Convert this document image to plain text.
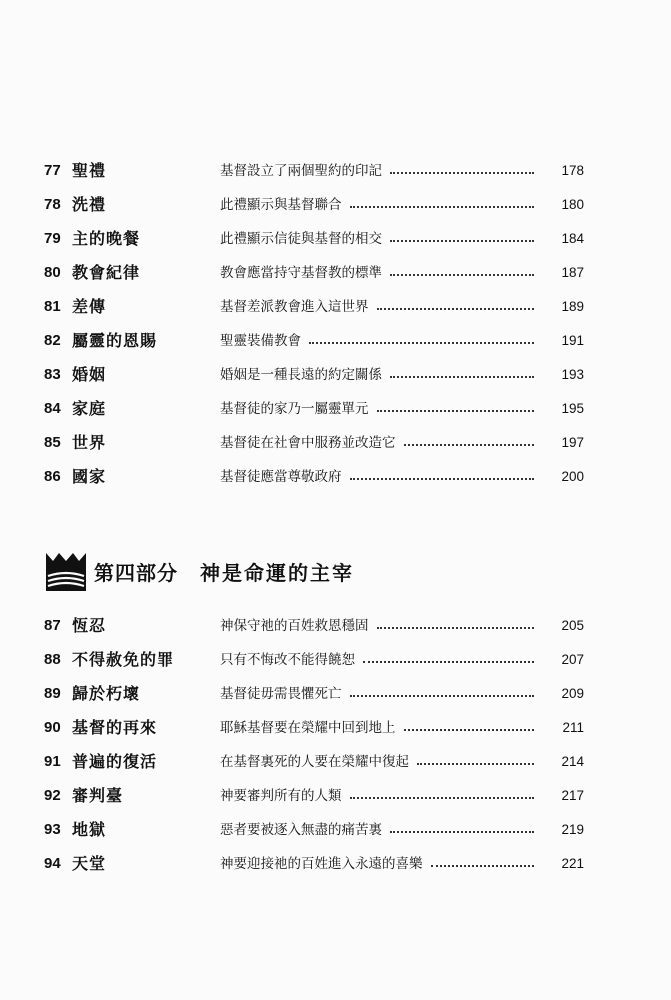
77 聖禮	基督設立了兩個聖約的印記	178
78 洗禮	此禮顯示與基督聯合	180
79 主的晚餐	此禮顯示信徒與基督的相交	184
80 教會紀律	教會應當持守基督教的標準	187
81 差傳	基督差派教會進入這世界	189
82 屬靈的恩賜	聖靈裝備教會	191
83 婚姻	婚姻是一種長遠的約定關係	193
84 家庭	基督徒的家乃一屬靈單元	195
85 世界	基督徒在社會中服務並改造它	197
86 國家	基督徒應當尊敬政府	200
第四部分 神是命運的主宰
87 恆忍	神保守祂的百姓救恩穩固	205
88 不得赦免的罪	只有不悔改不能得饒恕	207
89 歸於朽壞	基督徒毋需畏懼死亡	209
90 基督的再來	耶穌基督要在榮耀中回到地上	211
91 普遍的復活	在基督裏死的人要在榮耀中復起	214
92 審判臺	神要審判所有的人類	217
93 地獄	惡者要被逐入無盡的痛苦裏	219
94 天堂	神要迎接祂的百姓進入永遠的喜樂	221
